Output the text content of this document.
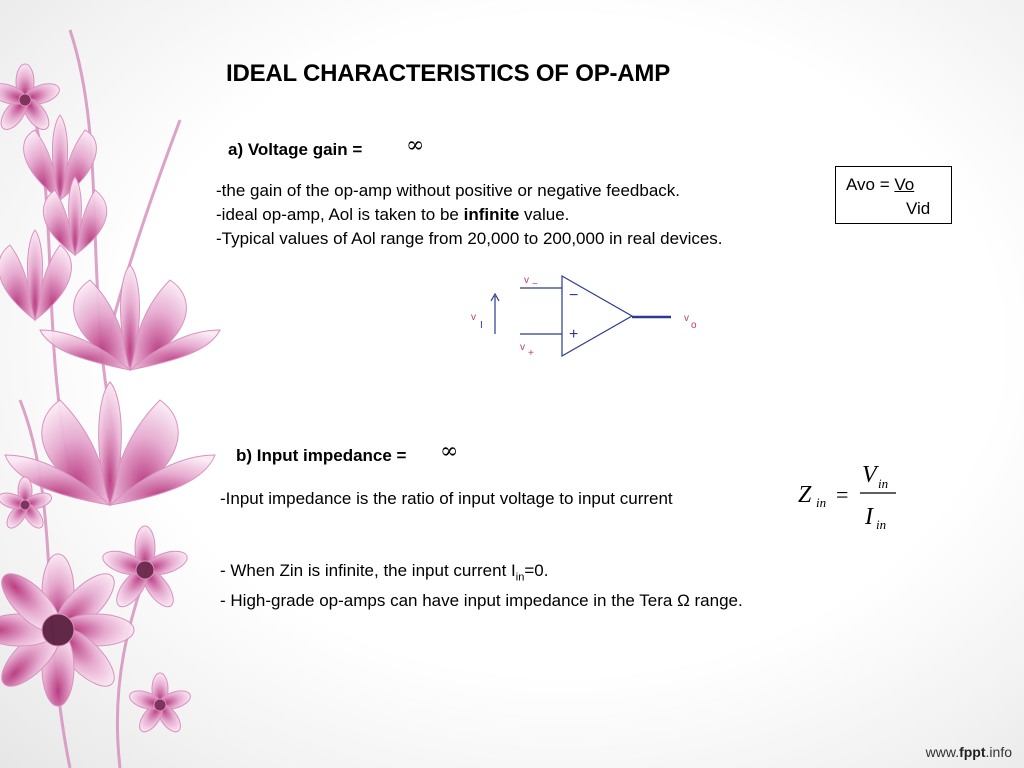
IDEAL CHARACTERISTICS OF OP-AMP
a) Voltage gain = ∞
-the gain of the op-amp without positive or negative feedback.
-ideal op-amp, Aol is taken to be infinite value.
-Typical values of Aol range from 20,000 to 200,000 in real devices.
Avo = Vo
Vid
v −
v
+
v
I
v
o
−
+
b) Input impedance = ∞
-Input impedance is the ratio of input voltage to input current
- When Zin is infinite, the input current $I_{in}=0$.
- High-grade op-amps can have input impedance in the Tera Ω range.
Z in =
V in
I in
www.fppt.info
